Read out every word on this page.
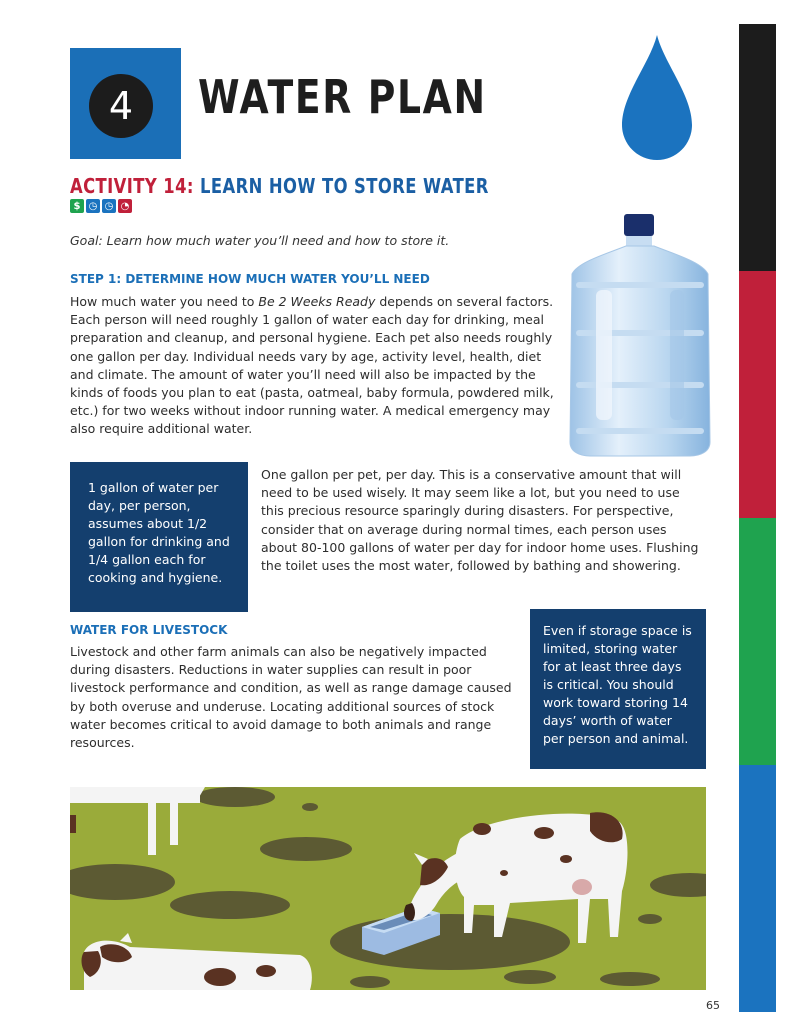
4	WATER PLAN
ACTIVITY 14: LEARN HOW TO STORE WATER
$ ◷ ◷ ◔
Goal: Learn how much water you’ll need and how to store it.
STEP 1: DETERMINE HOW MUCH WATER YOU’LL NEED
How much water you need to Be 2 Weeks Ready depends on several factors. Each person will need roughly 1 gallon of water each day for drinking, meal preparation and cleanup, and personal hygiene. Each pet also needs roughly one gallon per day. Individual needs vary by age, activity level, health, diet and climate. The amount of water you’ll need will also be impacted by the kinds of foods you plan to eat (pasta, oatmeal, baby formula, powdered milk, etc.) for two weeks without indoor running water. A medical emergency may also require additional water.
1 gallon of water per day, per person, assumes about 1/2 gallon for drinking and 1/4 gallon each for cooking and hygiene.
One gallon per pet, per day. This is a conservative amount that will need to be used wisely. It may seem like a lot, but you need to use this precious resource sparingly during disasters. For perspective, consider that on average during normal times, each person uses about 80-100 gallons of water per day for indoor home uses. Flushing the toilet uses the most water, followed by bathing and showering.
WATER FOR LIVESTOCK
Livestock and other farm animals can also be negatively impacted during disasters. Reductions in water supplies can result in poor livestock performance and condition, as well as range damage caused by both overuse and underuse. Locating additional sources of stock water becomes critical to avoid damage to both animals and range resources.
Even if storage space is limited, storing water for at least three days is critical. You should work toward storing 14 days’ worth of water per person and animal.
65
